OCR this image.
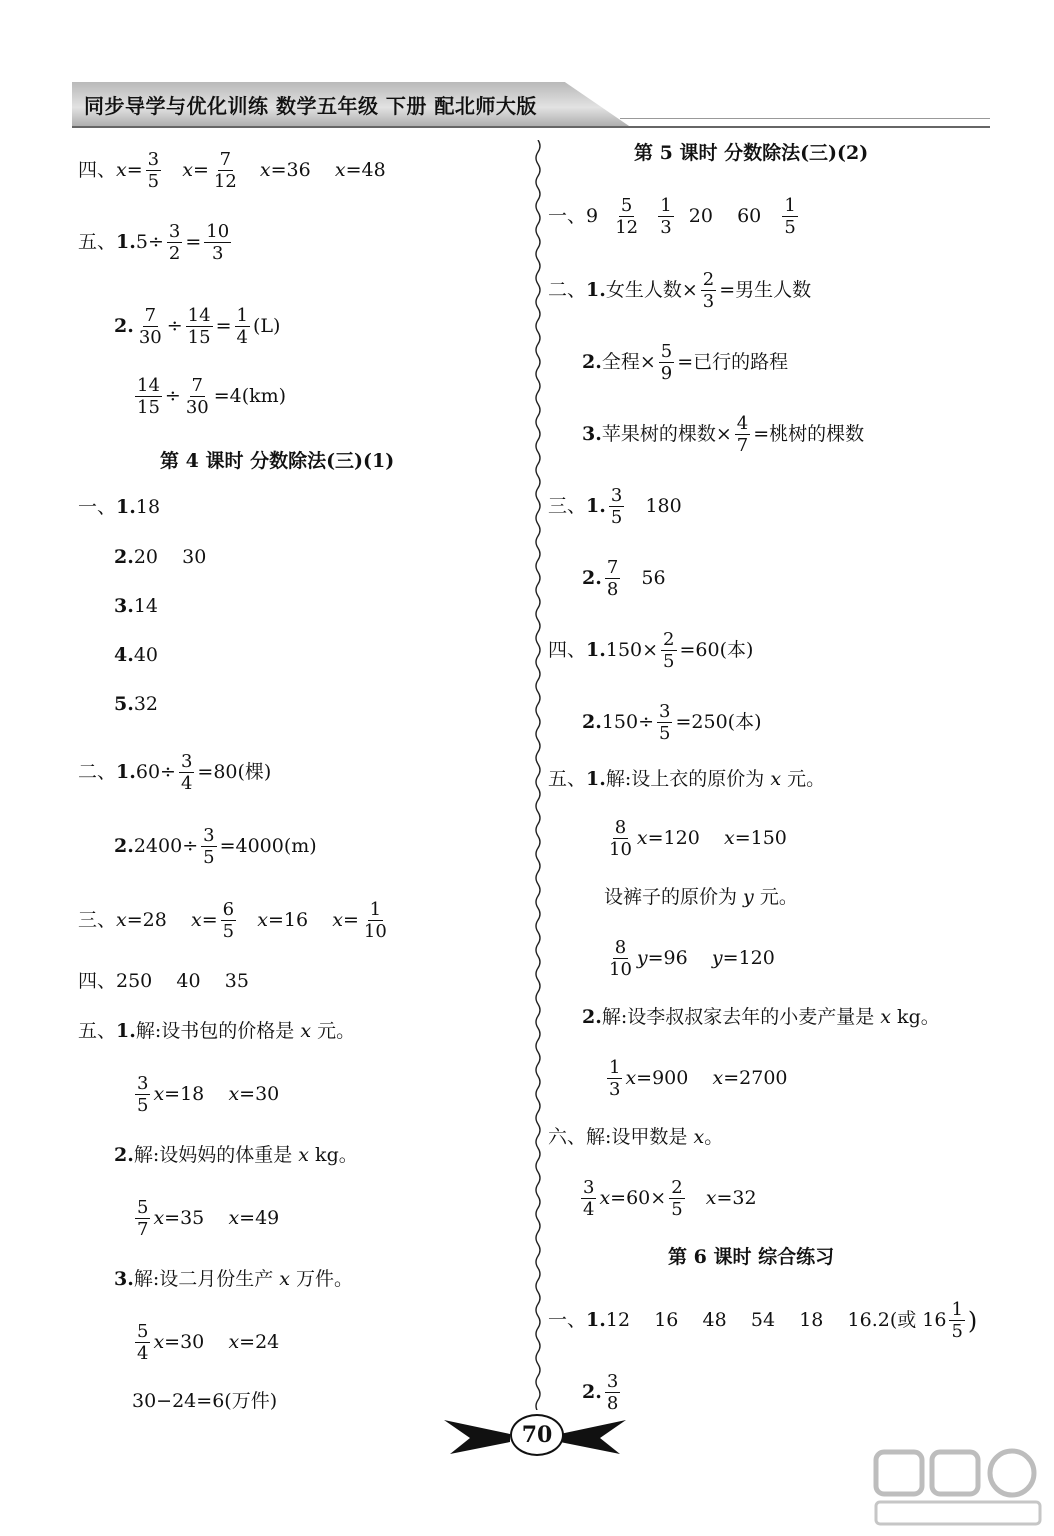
同步导学与优化训练 数学五年级 下册 配北师大版
四、$x= \frac{3}{5} x= \frac{7}{12} x=36$ x=48
五、$1.5\div \frac{3}{2} = \frac{10}{3}$
2. $\frac{7}{30} \div \frac{14}{15} = \frac{1}{4} (L)$
$\frac{14}{15} \div \frac{7}{30} =4(km)$
第 4 课时 分数除法(三)(1)
一、1.18
2.20    30
3.14
4.40
5.32
二、$1.60\div \frac{3}{4} =80$(棵)
$2.2400\div \frac{3}{5} =4000(m)$
三、x=28 $x= \frac{6}{5} x=16$ $x= \frac{1}{10}$
四、250    40    35
五、1.解:设书包的价格是 x 元。
$\frac{3}{5} x=18$ x=30
2.解:设妈妈的体重是 x kg。
$\frac{5}{7} x=35$ x=49
3.解:设二月份生产 x 万件。
$\frac{5}{4} x=30$ x=24
30−24=6(万件)
第 5 课时 分数除法(三)(2)
一、$9 \frac{5}{12}$
$\frac{1}{3} 20$    $60 \frac{1}{5}$
二、1.女生人数× $\frac{2}{3}$ =男生人数
2.全程× $\frac{5}{9}$ =已行的路程
3.苹果树的棵数× $\frac{4}{7}$ =桃树的棵数
三、1. $\frac{3}{5} 180$
2. $\frac{7}{8} 56$
四、$1.150\times \frac{2}{5} =60$(本)
$2.150\div \frac{3}{5} =250$(本)
五、1.解:设上衣的原价为 x 元。
$\frac{8}{10} x=120$ x=150
设裤子的原价为 y 元。
$\frac{8}{10} y=96$ y=120
2.解:设李叔叔家去年的小麦产量是 x kg。
$\frac{1}{3} x=900$ x=2700
六、解:设甲数是 x。
$\frac{3}{4} x=60\times \frac{2}{5} x=32$
第 6 课时 综合练习
一、1.12    16    48    54    18    16.2(或 $16 \frac{1}{5}$ )
2. $\frac{3}{8}$
70
